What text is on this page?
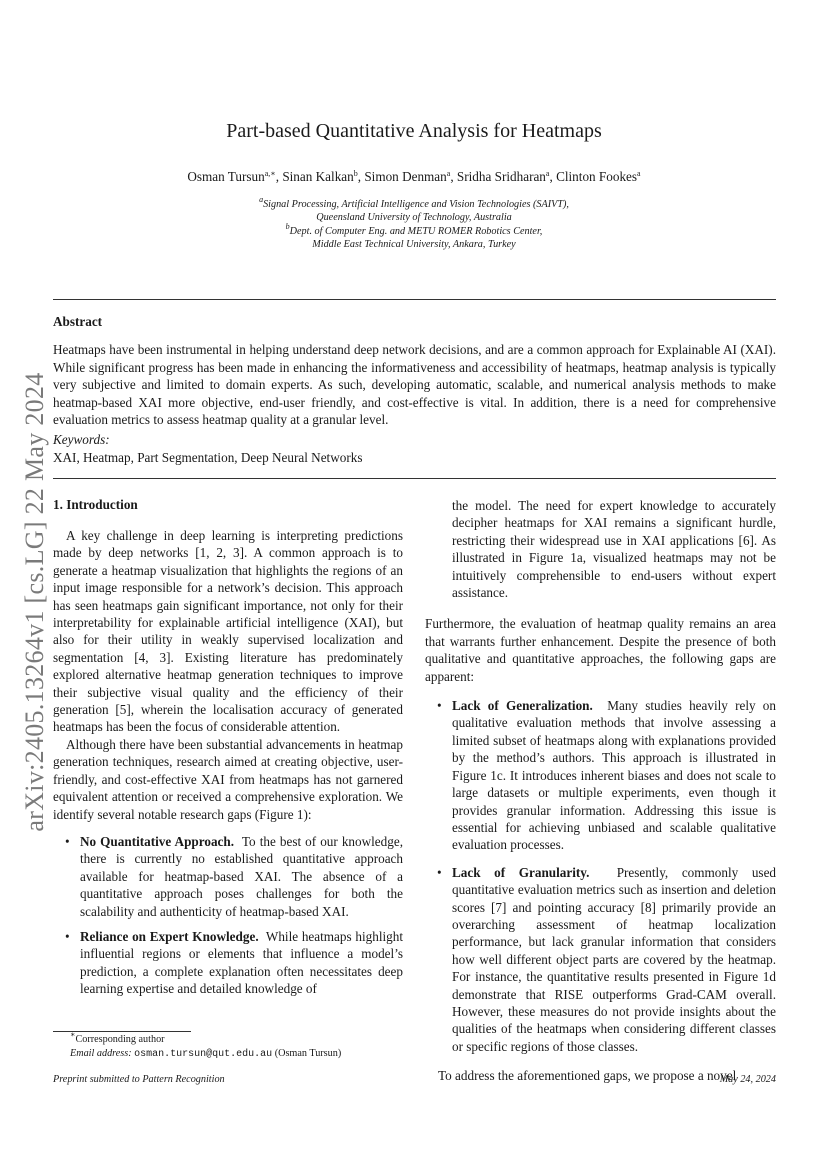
arXiv:2405.13264v1 [cs.LG] 22 May 2024
Part-based Quantitative Analysis for Heatmaps
Osman Tursun$^{a,∗}$, Sinan Kalkan$^b$, Simon Denman$^a$, Sridha Sridharan$^a$, Clinton Fookes$^a$
$^a$Signal Processing, Artificial Intelligence and Vision Technologies (SAIVT),
Queensland University of Technology, Australia
$^b$Dept. of Computer Eng. and METU ROMER Robotics Center,
Middle East Technical University, Ankara, Turkey
Abstract
Heatmaps have been instrumental in helping understand deep network decisions, and are a common approach for Explainable AI (XAI). While significant progress has been made in enhancing the informativeness and accessibility of heatmaps, heatmap analysis is typically very subjective and limited to domain experts. As such, developing automatic, scalable, and numerical analysis methods to make heatmap-based XAI more objective, end-user friendly, and cost-effective is vital. In addition, there is a need for comprehensive evaluation metrics to assess heatmap quality at a granular level.
Keywords:
XAI, Heatmap, Part Segmentation, Deep Neural Networks
1. Introduction

A key challenge in deep learning is interpreting predictions made by deep networks [1, 2, 3]. A common approach is to generate a heatmap visualization that highlights the regions of an input image responsible for a network’s decision. This approach has seen heatmaps gain significant importance, not only for their interpretability for explainable artificial intelligence (XAI), but also for their utility in weakly supervised localization and segmentation [4, 3]. Existing literature has predominately explored alternative heatmap generation techniques to improve their subjective visual quality and the efficiency of their generation [5], wherein the localisation accuracy of generated heatmaps has been the focus of considerable attention.

Although there have been substantial advancements in heatmap generation techniques, research aimed at creating objective, user-friendly, and cost-effective XAI from heatmaps has not garnered equivalent attention or received a comprehensive exploration. We identify several notable research gaps (Figure 1):

• No Quantitative Approach. To the best of our knowledge, there is currently no established quantitative approach available for heatmap-based XAI. The absence of a quantitative approach poses challenges for both the scalability and authenticity of heatmap-based XAI.
• Reliance on Expert Knowledge. While heatmaps highlight influential regions or elements that influence a model’s prediction, a complete explanation often necessitates deep learning expertise and detailed knowledge of
the model. The need for expert knowledge to accurately decipher heatmaps for XAI remains a significant hurdle, restricting their widespread use in XAI applications [6]. As illustrated in Figure 1a, visualized heatmaps may not be intuitively comprehensible to end-users without expert assistance.

Furthermore, the evaluation of heatmap quality remains an area that warrants further enhancement. Despite the presence of both qualitative and quantitative approaches, the following gaps are apparent:

• Lack of Generalization. Many studies heavily rely on qualitative evaluation methods that involve assessing a limited subset of heatmaps along with explanations provided by the method’s authors. This approach is illustrated in Figure 1c. It introduces inherent biases and does not scale to large datasets or multiple experiments, even though it provides granular information. Addressing this issue is essential for achieving unbiased and scalable qualitative evaluation processes.
• Lack of Granularity. Presently, commonly used quantitative evaluation metrics such as insertion and deletion scores [7] and pointing accuracy [8] primarily provide an overarching assessment of heatmap localization performance, but lack granular information that considers how well different object parts are covered by the heatmap. For instance, the quantitative results presented in Figure 1d demonstrate that RISE outperforms Grad-CAM overall. However, these measures do not provide insights about the qualities of the heatmaps when considering different classes or specific regions of those classes.

To address the aforementioned gaps, we propose a novel

∗Corresponding author
Email address: osman.tursun@qut.edu.au (Osman Tursun)
Preprint submitted to Pattern Recognition	May 24, 2024
